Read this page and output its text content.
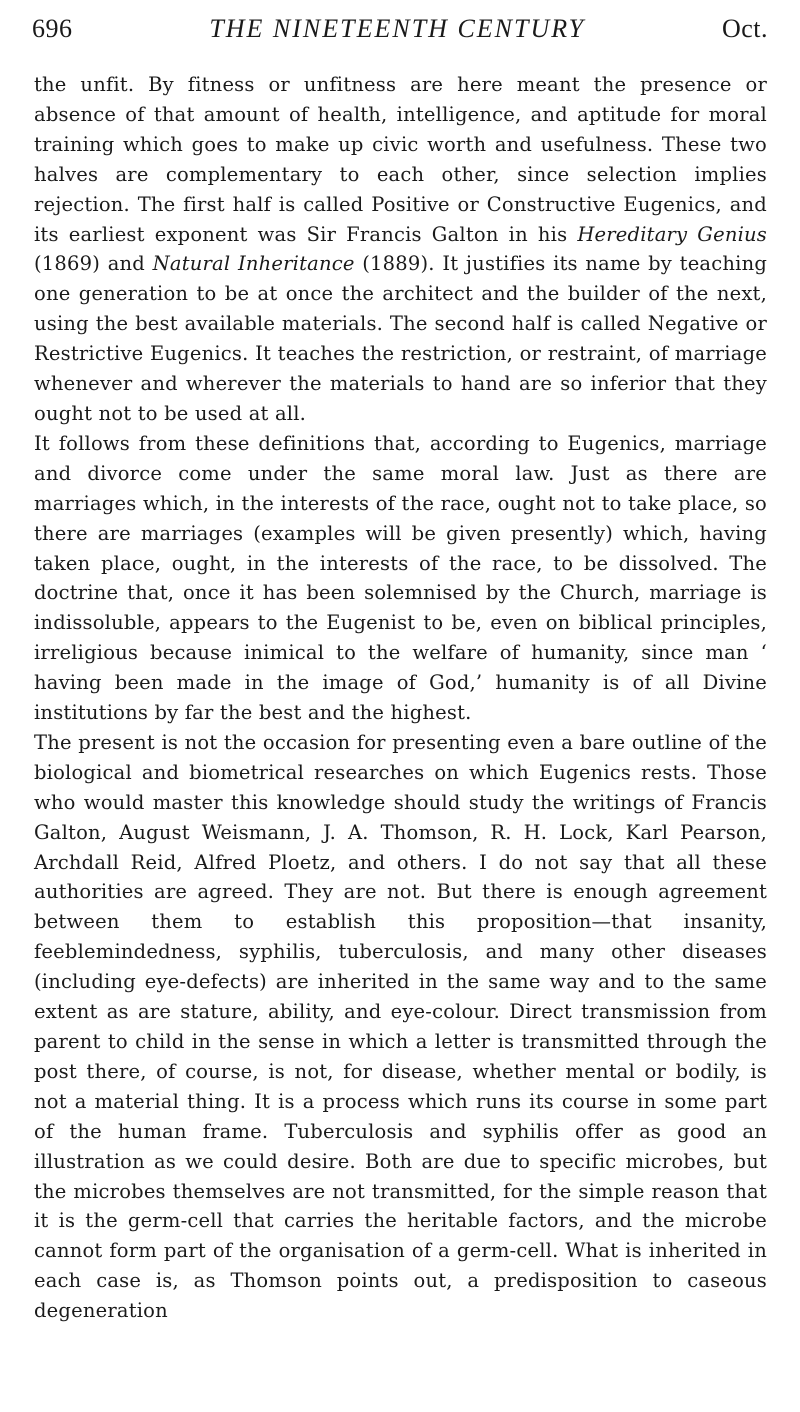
696	THE NINETEENTH CENTURY	Oct.

the unfit. By fitness or unfitness are here meant the presence or absence of that amount of health, intelligence, and aptitude for moral training which goes to make up civic worth and usefulness. These two halves are complementary to each other, since selection implies rejection. The first half is called Positive or Constructive Eugenics, and its earliest exponent was Sir Francis Galton in his Hereditary Genius (1869) and Natural Inheritance (1889). It justifies its name by teaching one generation to be at once the architect and the builder of the next, using the best available materials. The second half is called Negative or Restrictive Eugenics. It teaches the restriction, or restraint, of marriage whenever and wherever the materials to hand are so inferior that they ought not to be used at all.

It follows from these definitions that, according to Eugenics, marriage and divorce come under the same moral law. Just as there are marriages which, in the interests of the race, ought not to take place, so there are marriages (examples will be given presently) which, having taken place, ought, in the interests of the race, to be dissolved. The doctrine that, once it has been solemnised by the Church, marriage is indissoluble, appears to the Eugenist to be, even on biblical principles, irreligious because inimical to the welfare of humanity, since man ‘ having been made in the image of God,’ humanity is of all Divine institutions by far the best and the highest.

The present is not the occasion for presenting even a bare outline of the biological and biometrical researches on which Eugenics rests. Those who would master this knowledge should study the writings of Francis Galton, August Weismann, J. A. Thomson, R. H. Lock, Karl Pearson, Archdall Reid, Alfred Ploetz, and others. I do not say that all these authorities are agreed. They are not. But there is enough agreement between them to establish this proposition—that insanity, feeblemindedness, syphilis, tuberculosis, and many other diseases (including eye-defects) are inherited in the same way and to the same extent as are stature, ability, and eye-colour. Direct transmission from parent to child in the sense in which a letter is transmitted through the post there, of course, is not, for disease, whether mental or bodily, is not a material thing. It is a process which runs its course in some part of the human frame. Tuberculosis and syphilis offer as good an illustration as we could desire. Both are due to specific microbes, but the microbes themselves are not transmitted, for the simple reason that it is the germ-cell that carries the heritable factors, and the microbe cannot form part of the organisation of a germ-cell. What is inherited in each case is, as Thomson points out, a predisposition to caseous degeneration
